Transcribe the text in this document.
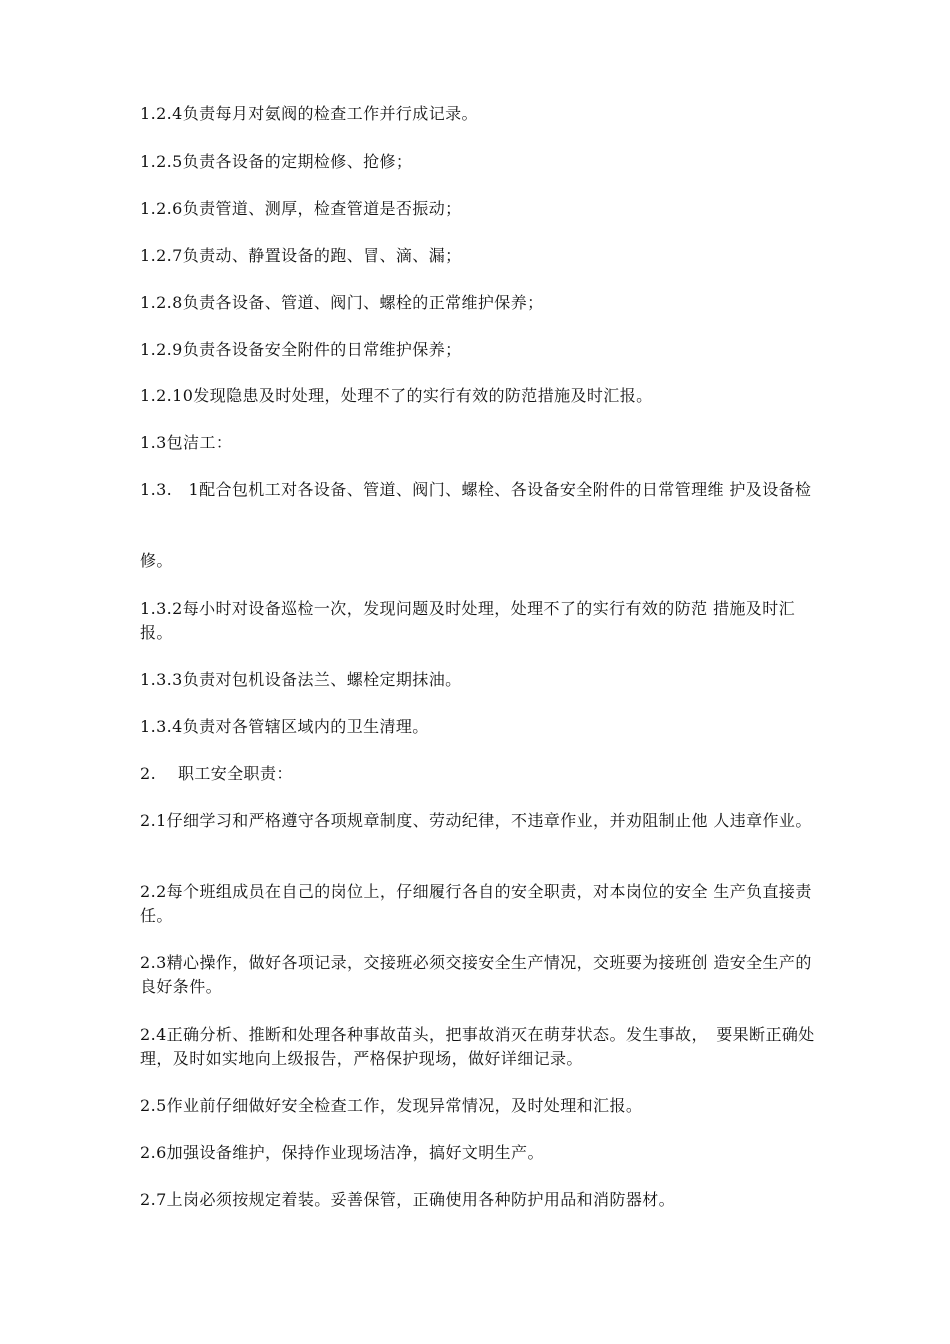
1.2.4负责每月对氨阀的检查工作并行成记录。

1.2.5负责各设备的定期检修、抢修；

1.2.6负责管道、测厚，检查管道是否振动；

1.2.7负责动、静置设备的跑、冒、滴、漏；

1.2.8负责各设备、管道、阀门、螺栓的正常维护保养；

1.2.9负责各设备安全附件的日常维护保养；

1.2.10发现隐患及时处理，处理不了的实行有效的防范措施及时汇报。

1.3包洁工：

1.3.　1配合包机工对各设备、管道、阀门、螺栓、各设备安全附件的日常管理维 护及设备检

修。

1.3.2每小时对设备巡检一次，发现问题及时处理，处理不了的实行有效的防范 措施及时汇报。

1.3.3负责对包机设备法兰、螺栓定期抹油。

1.3.4负责对各管辖区域内的卫生清理。

2.　 职工安全职责：

2.1仔细学习和严格遵守各项规章制度、劳动纪律，不违章作业，并劝阻制止他 人违章作业。

2.2每个班组成员在自己的岗位上，仔细履行各自的安全职责，对本岗位的安全 生产负直接责任。

2.3精心操作，做好各项记录，交接班必须交接安全生产情况，交班要为接班创 造安全生产的良好条件。

2.4正确分析、推断和处理各种事故苗头，把事故消灭在萌芽状态。发生事故，　要果断正确处理，及时如实地向上级报告，严格保护现场，做好详细记录。

2.5作业前仔细做好安全检查工作，发现异常情况，及时处理和汇报。

2.6加强设备维护，保持作业现场洁净，搞好文明生产。

2.7上岗必须按规定着装。妥善保管，正确使用各种防护用品和消防器材。
